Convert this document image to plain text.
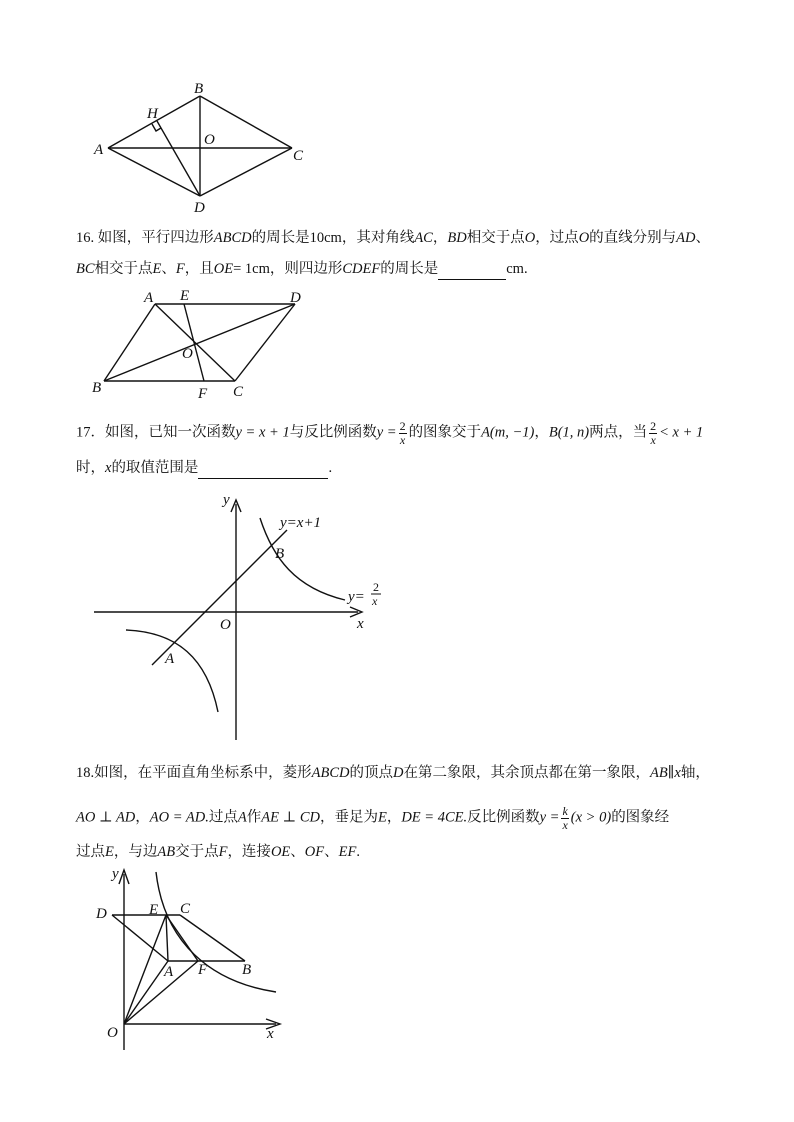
A
B
C
D
O
H
16. 如图，平行四边形ABCD的周长是10cm，其对角线AC，BD相交于点O，过点O的直线分别与AD、
BC相交于点E、F，且OE= 1cm，则四边形CDEF的周长是	cm.
A E	D
O
B	F C
17．如图，已知一次函数y = x + 1与反比例函数$y = \frac{2}{x}$ 的图象交于A(m, −1)，B(1, n)两点，当 $\frac{2}{x} < x + 1$
时，x的取值范围是	.
y
x
O
A
B
y=x+1
y=
2
x
18.如图，在平面直角坐标系中，菱形ABCD的顶点D在第二象限，其余顶点都在第一象限，AB∥x轴，
AO ⊥ AD，AO = AD.过点A作AE ⊥ CD，垂足为E，DE = 4CE.反比例函数$y = \frac{k}{x} (x > 0)$的图象经
过点E，与边AB交于点F，连接OE、OF、EF.
y
x
O
D	E C
A F B
